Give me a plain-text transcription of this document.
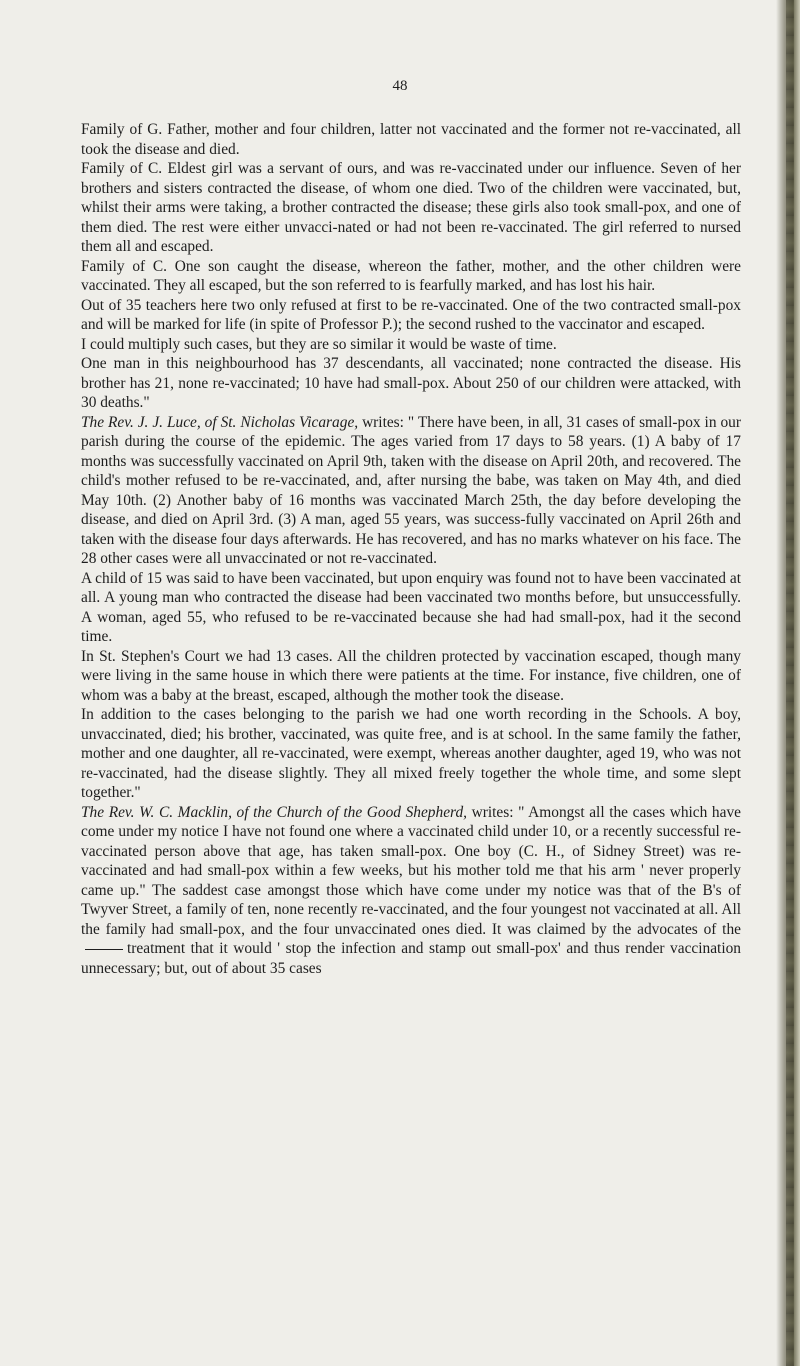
48

Family of G. Father, mother and four children, latter not vaccinated and the former not re-vaccinated, all took the disease and died.

Family of C. Eldest girl was a servant of ours, and was re-vaccinated under our influence. Seven of her brothers and sisters contracted the disease, of whom one died. Two of the children were vaccinated, but, whilst their arms were taking, a brother contracted the disease; these girls also took small-pox, and one of them died. The rest were either unvacci-nated or had not been re-vaccinated. The girl referred to nursed them all and escaped.

Family of C. One son caught the disease, whereon the father, mother, and the other children were vaccinated. They all escaped, but the son referred to is fearfully marked, and has lost his hair.

Out of 35 teachers here two only refused at first to be re-vaccinated. One of the two contracted small-pox and will be marked for life (in spite of Professor P.); the second rushed to the vaccinator and escaped.

I could multiply such cases, but they are so similar it would be waste of time.

One man in this neighbourhood has 37 descendants, all vaccinated; none contracted the disease. His brother has 21, none re-vaccinated; 10 have had small-pox. About 250 of our children were attacked, with 30 deaths."

The Rev. J. J. Luce, of St. Nicholas Vicarage, writes: " There have been, in all, 31 cases of small-pox in our parish during the course of the epidemic. The ages varied from 17 days to 58 years. (1) A baby of 17 months was successfully vaccinated on April 9th, taken with the disease on April 20th, and recovered. The child's mother refused to be re-vaccinated, and, after nursing the babe, was taken on May 4th, and died May 10th. (2) Another baby of 16 months was vaccinated March 25th, the day before developing the disease, and died on April 3rd. (3) A man, aged 55 years, was success-fully vaccinated on April 26th and taken with the disease four days afterwards. He has recovered, and has no marks whatever on his face. The 28 other cases were all unvaccinated or not re-vaccinated.

A child of 15 was said to have been vaccinated, but upon enquiry was found not to have been vaccinated at all. A young man who contracted the disease had been vaccinated two months before, but unsuccessfully. A woman, aged 55, who refused to be re-vaccinated because she had had small-pox, had it the second time.

In St. Stephen's Court we had 13 cases. All the children protected by vaccination escaped, though many were living in the same house in which there were patients at the time. For instance, five children, one of whom was a baby at the breast, escaped, although the mother took the disease.

In addition to the cases belonging to the parish we had one worth recording in the Schools. A boy, unvaccinated, died; his brother, vaccinated, was quite free, and is at school. In the same family the father, mother and one daughter, all re-vaccinated, were exempt, whereas another daughter, aged 19, who was not re-vaccinated, had the disease slightly. They all mixed freely together the whole time, and some slept together."

The Rev. W. C. Macklin, of the Church of the Good Shepherd, writes: " Amongst all the cases which have come under my notice I have not found one where a vaccinated child under 10, or a recently successful re-vaccinated person above that age, has taken small-pox. One boy (C. H., of Sidney Street) was re-vaccinated and had small-pox within a few weeks, but his mother told me that his arm ' never properly came up." The saddest case amongst those which have come under my notice was that of the B's of Twyver Street, a family of ten, none recently re-vaccinated, and the four youngest not vaccinated at all. All the family had small-pox, and the four unvaccinated ones died. It was claimed by the advocates of thetreatment that it would ' stop the infection and stamp out small-pox' and thus render vaccination unnecessary; but, out of about 35 cases
